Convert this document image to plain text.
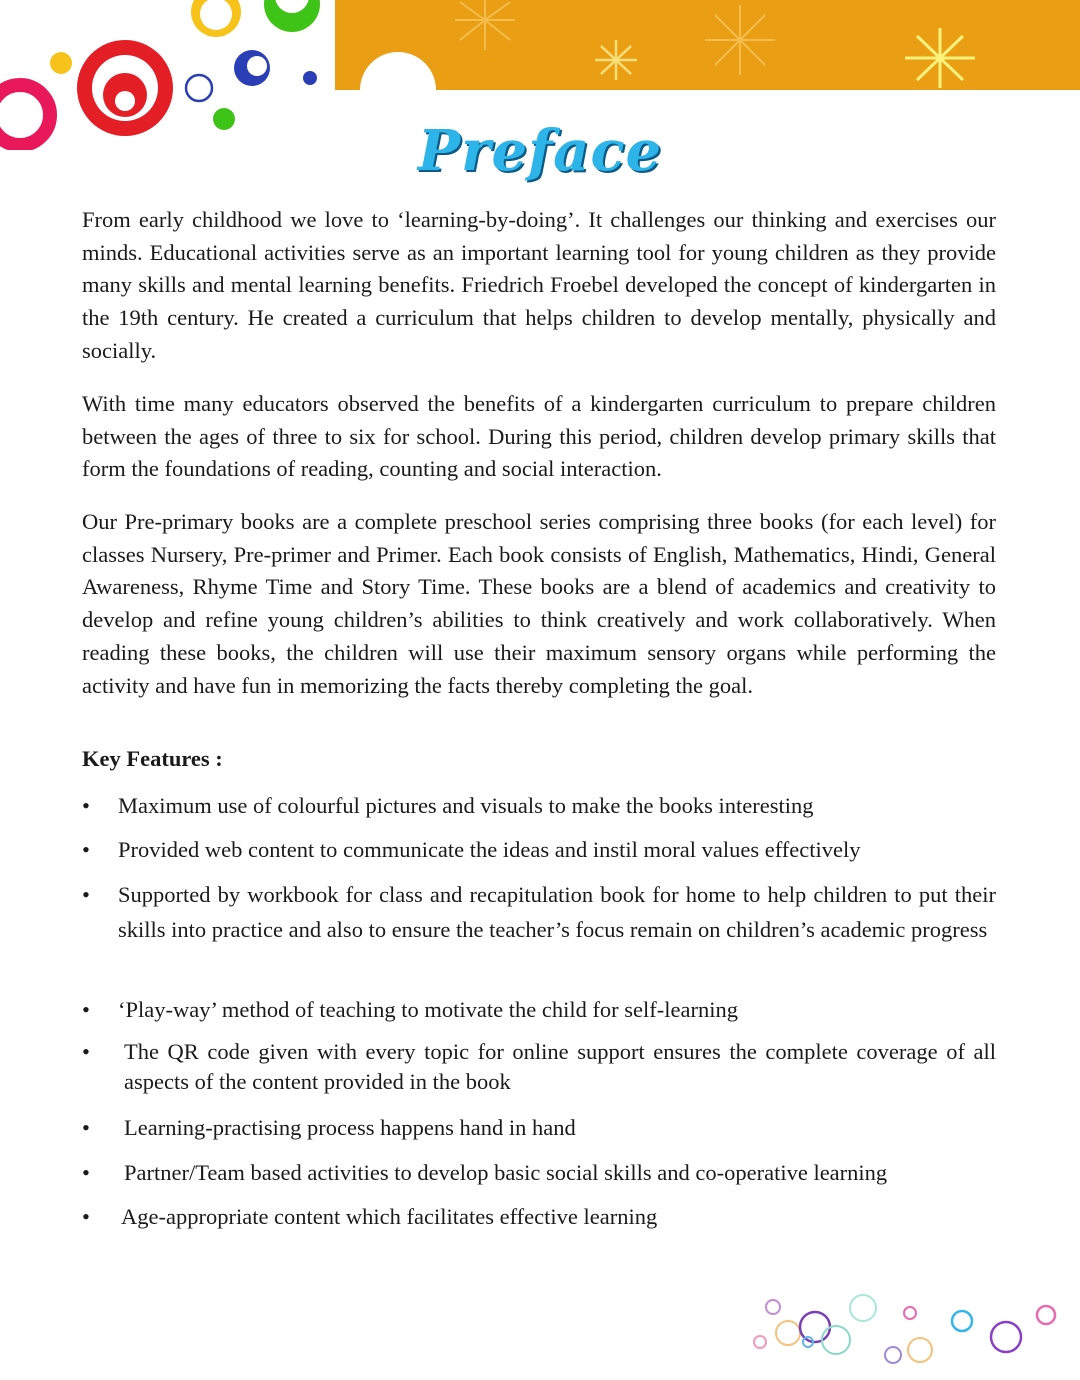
Preface

From early childhood we love to ‘learning-by-doing’. It challenges our thinking and exercises our minds. Educational activities serve as an important learning tool for young children as they provide many skills and mental learning benefits. Friedrich Froebel developed the concept of kindergarten in the 19th century. He created a curriculum that helps children to develop mentally, physically and socially.

With time many educators observed the benefits of a kindergarten curriculum to prepare children between the ages of three to six for school. During this period, children develop primary skills that form the foundations of reading, counting and social interaction.

Our Pre-primary books are a complete preschool series comprising three books (for each level) for classes Nursery, Pre-primer and Primer. Each book consists of English, Mathematics, Hindi, General Awareness, Rhyme Time and Story Time. These books are a blend of academics and creativity to develop and refine young children’s abilities to think creatively and work collaboratively. When reading these books, the children will use their maximum sensory organs while performing the activity and have fun in memorizing the facts thereby completing the goal.

Key Features :

•	Maximum use of colourful pictures and visuals to make the books interesting
•	Provided web content to communicate the ideas and instil moral values effectively
•	Supported by workbook for class and recapitulation book for home to help children to put their skills into practice and also to ensure the teacher’s focus remain on children’s academic progress
•	‘Play-way’ method of teaching to motivate the child for self-learning
•	The QR code given with every topic for online support ensures the complete coverage of all aspects of the content provided in the book
•	Learning-practising process happens hand in hand
•	Partner/Team based activities to develop basic social skills and co-operative learning
•	Age-appropriate content which facilitates effective learning
